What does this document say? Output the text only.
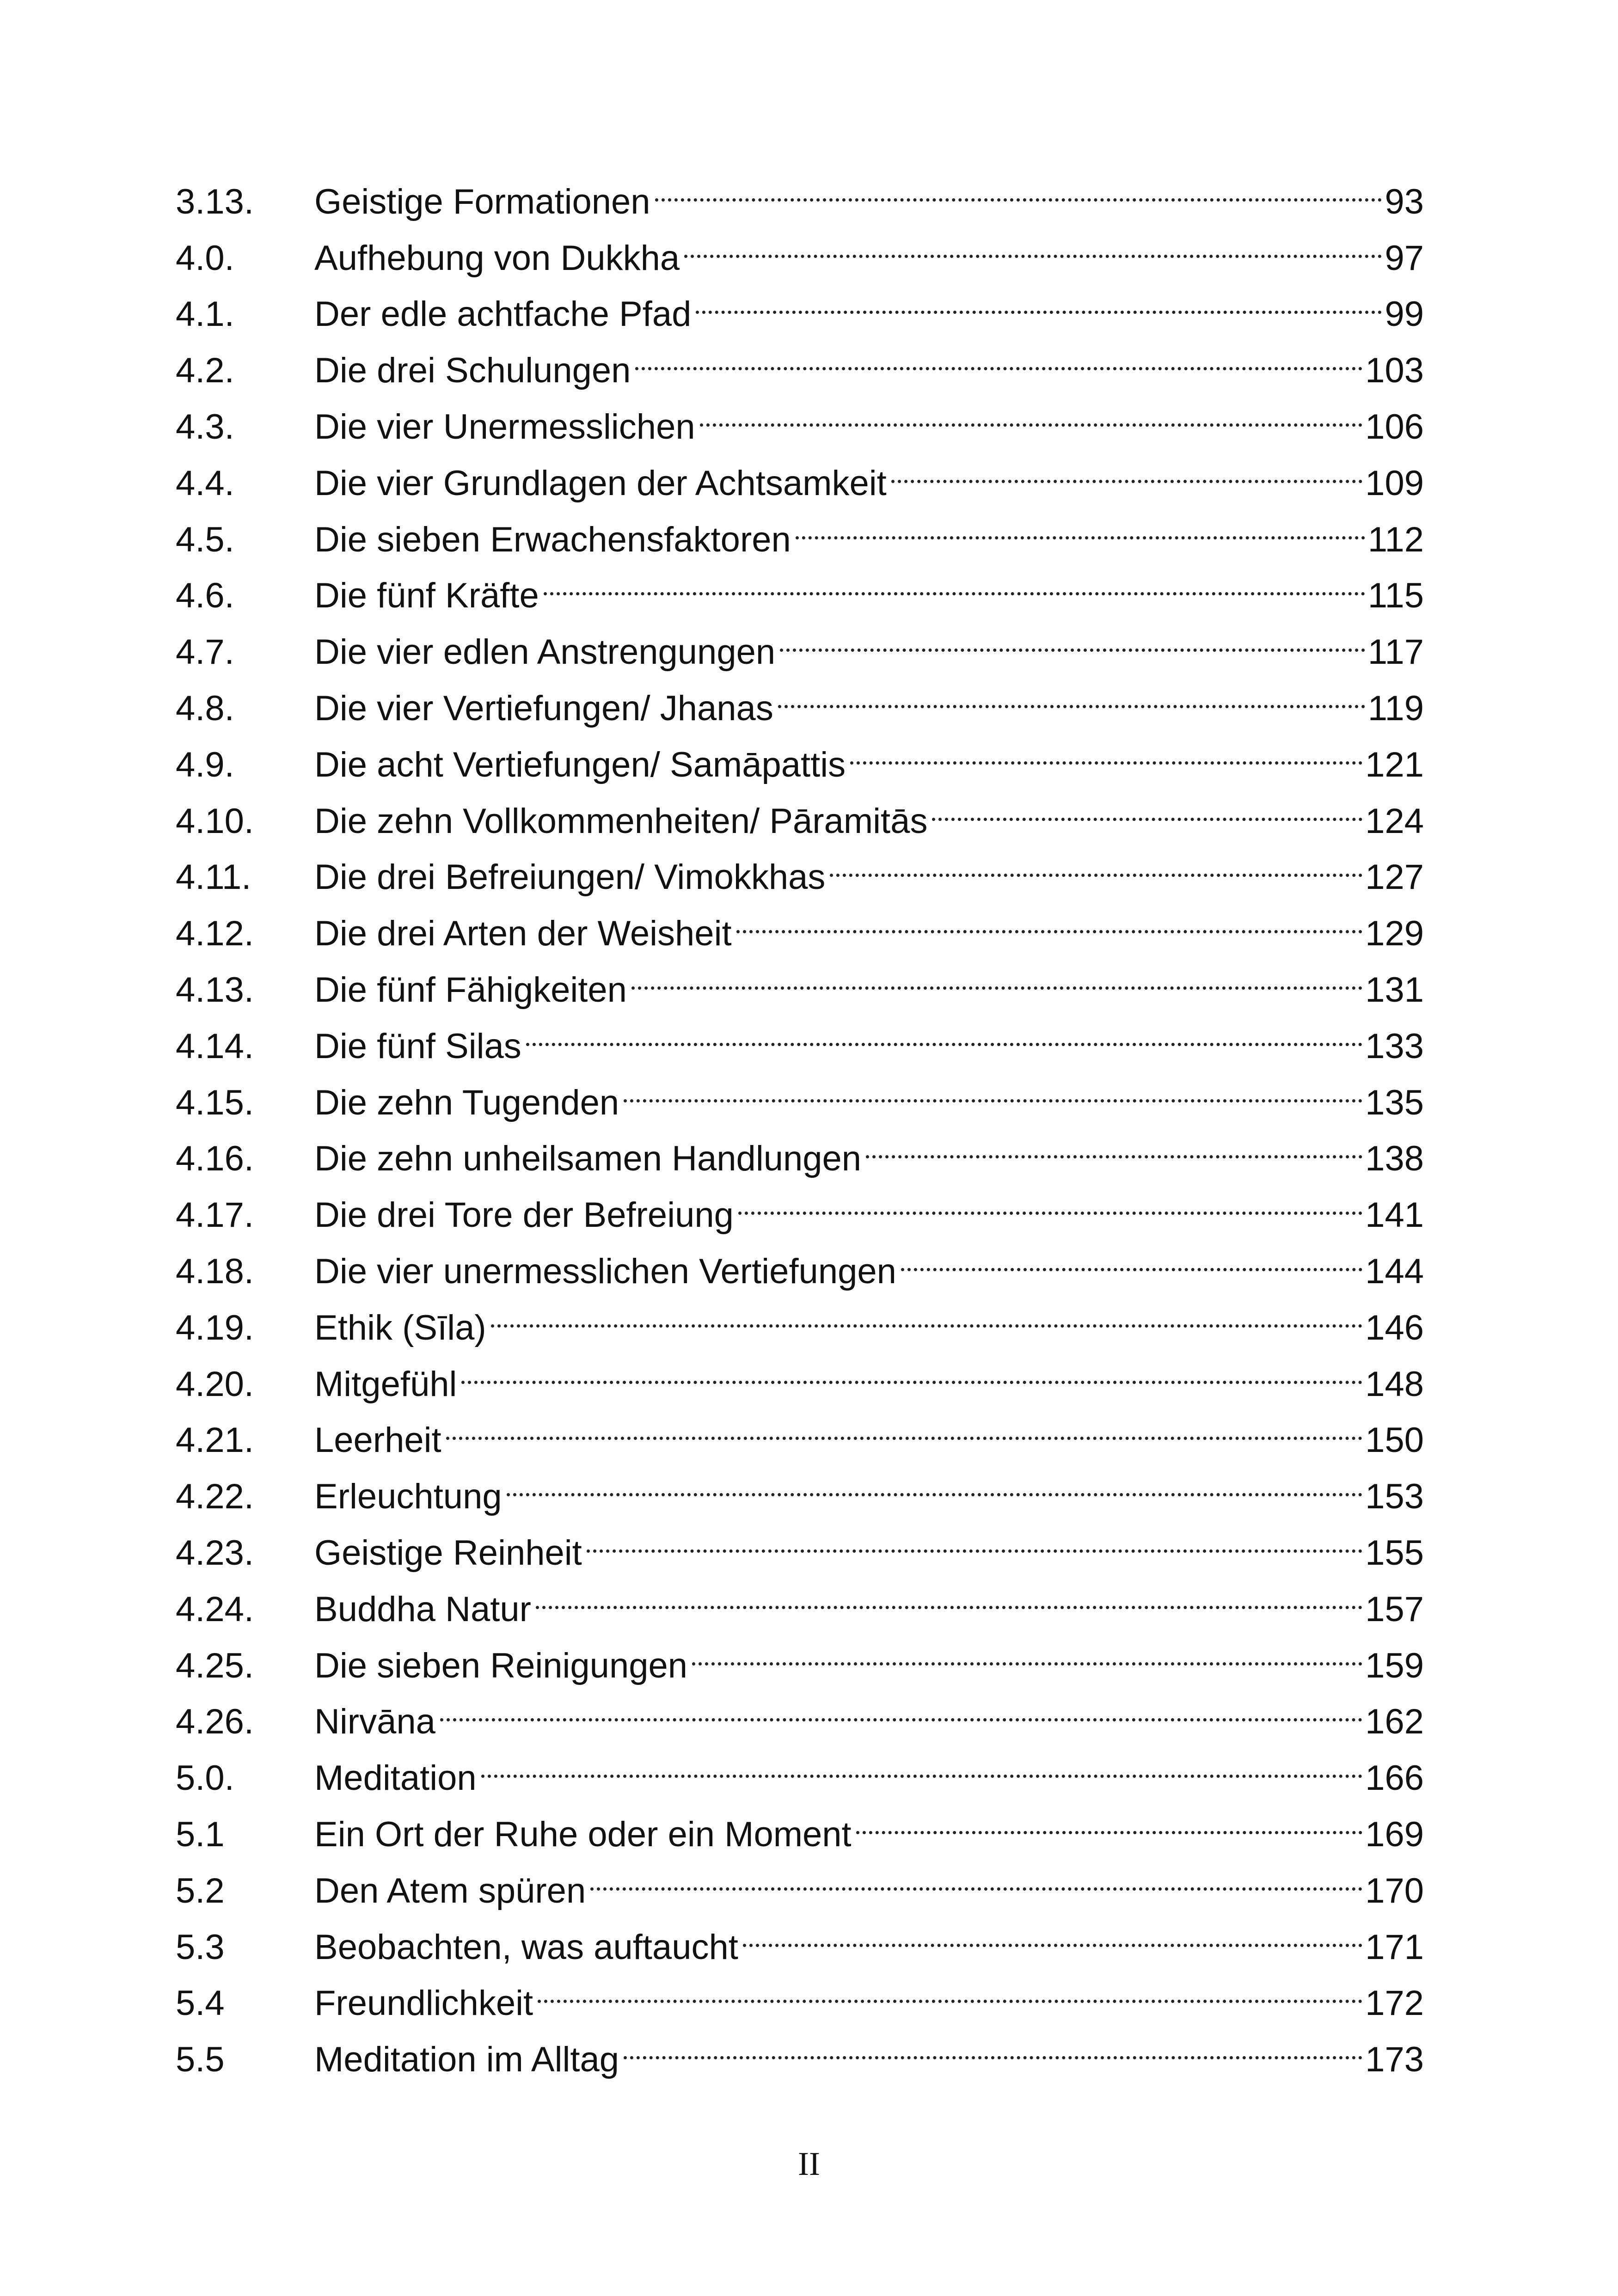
3.13.	Geistige Formationen	93
4.0.	Aufhebung von Dukkha	97
4.1.	Der edle achtfache Pfad	99
4.2.	Die drei Schulungen	103
4.3.	Die vier Unermesslichen	106
4.4.	Die vier Grundlagen der Achtsamkeit	109
4.5.	Die sieben Erwachensfaktoren	112
4.6.	Die fünf Kräfte	115
4.7.	Die vier edlen Anstrengungen	117
4.8.	Die vier Vertiefungen/ Jhanas	119
4.9.	Die acht Vertiefungen/ Samāpattis	121
4.10.	Die zehn Vollkommenheiten/ Pāramitās	124
4.11.	Die drei Befreiungen/ Vimokkhas	127
4.12.	Die drei Arten der Weisheit	129
4.13.	Die fünf Fähigkeiten	131
4.14.	Die fünf Silas	133
4.15.	Die zehn Tugenden	135
4.16.	Die zehn unheilsamen Handlungen	138
4.17.	Die drei Tore der Befreiung	141
4.18.	Die vier unermesslichen Vertiefungen	144
4.19.	Ethik (Sīla)	146
4.20.	Mitgefühl	148
4.21.	Leerheit	150
4.22.	Erleuchtung	153
4.23.	Geistige Reinheit	155
4.24.	Buddha Natur	157
4.25.	Die sieben Reinigungen	159
4.26.	Nirvāna	162
5.0.	Meditation	166
5.1	Ein Ort der Ruhe oder ein Moment	169
5.2	Den Atem spüren	170
5.3	Beobachten, was auftaucht	171
5.4	Freundlichkeit	172
5.5	Meditation im Alltag	173
II
